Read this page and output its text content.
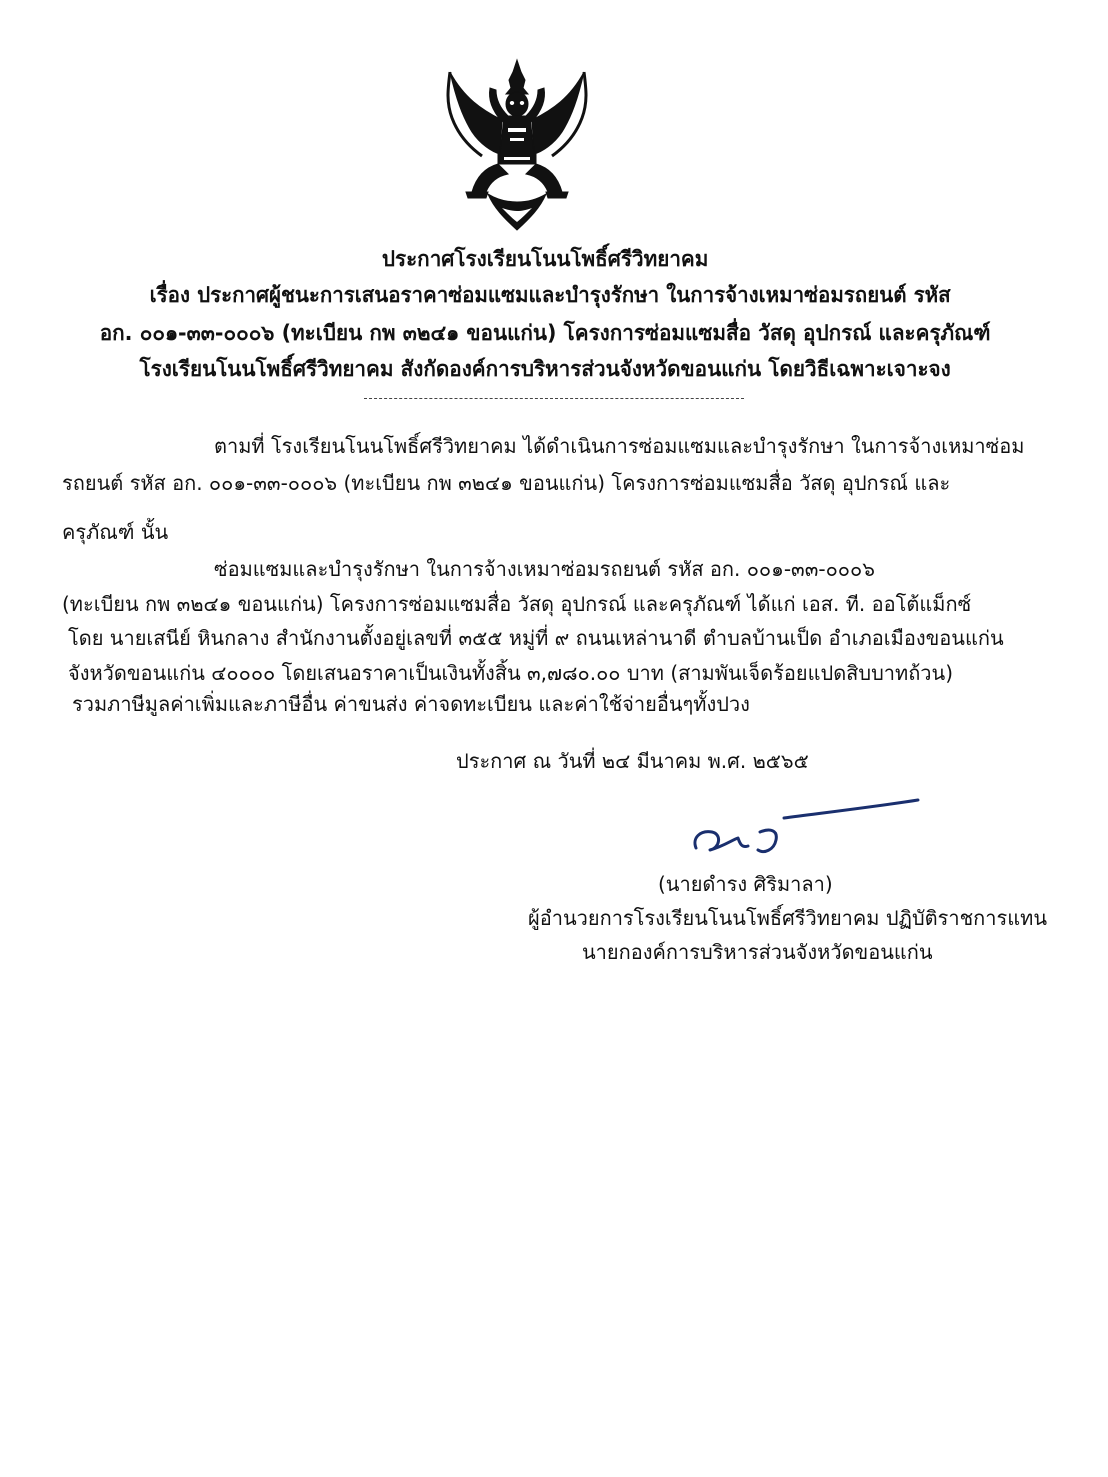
ประกาศโรงเรียนโนนโพธิ์ศรีวิทยาคม
เรื่อง ประกาศผู้ชนะการเสนอราคาซ่อมแซมและบำรุงรักษา ในการจ้างเหมาซ่อมรถยนต์ รหัส
อก. ๐๐๑-๓๓-๐๐๐๖ (ทะเบียน กพ ๓๒๔๑ ขอนแก่น) โครงการซ่อมแซมสื่อ วัสดุ อุปกรณ์ และครุภัณฑ์
โรงเรียนโนนโพธิ์ศรีวิทยาคม สังกัดองค์การบริหารส่วนจังหวัดขอนแก่น โดยวิธีเฉพาะเจาะจง
ตามที่ โรงเรียนโนนโพธิ์ศรีวิทยาคม ได้ดำเนินการซ่อมแซมและบำรุงรักษา ในการจ้างเหมาซ่อม
รถยนต์ รหัส อก. ๐๐๑-๓๓-๐๐๐๖ (ทะเบียน กพ ๓๒๔๑ ขอนแก่น) โครงการซ่อมแซมสื่อ วัสดุ อุปกรณ์ และ
ครุภัณฑ์ นั้น
ซ่อมแซมและบำรุงรักษา ในการจ้างเหมาซ่อมรถยนต์ รหัส อก. ๐๐๑-๓๓-๐๐๐๖
(ทะเบียน กพ ๓๒๔๑ ขอนแก่น) โครงการซ่อมแซมสื่อ วัสดุ อุปกรณ์ และครุภัณฑ์ ได้แก่ เอส. ที. ออโต้แม็กซ์
โดย นายเสนีย์ หินกลาง สำนักงานตั้งอยู่เลขที่ ๓๕๕ หมู่ที่ ๙ ถนนเหล่านาดี ตำบลบ้านเป็ด อำเภอเมืองขอนแก่น
จังหวัดขอนแก่น ๔๐๐๐๐ โดยเสนอราคาเป็นเงินทั้งสิ้น ๓,๗๘๐.๐๐ บาท (สามพันเจ็ดร้อยแปดสิบบาทถ้วน)
รวมภาษีมูลค่าเพิ่มและภาษีอื่น ค่าขนส่ง ค่าจดทะเบียน และค่าใช้จ่ายอื่นๆทั้งปวง
ประกาศ ณ วันที่ ๒๔ มีนาคม พ.ศ. ๒๕๖๕
(นายดำรง ศิริมาลา)
ผู้อำนวยการโรงเรียนโนนโพธิ์ศรีวิทยาคม ปฏิบัติราชการแทน
นายกองค์การบริหารส่วนจังหวัดขอนแก่น
